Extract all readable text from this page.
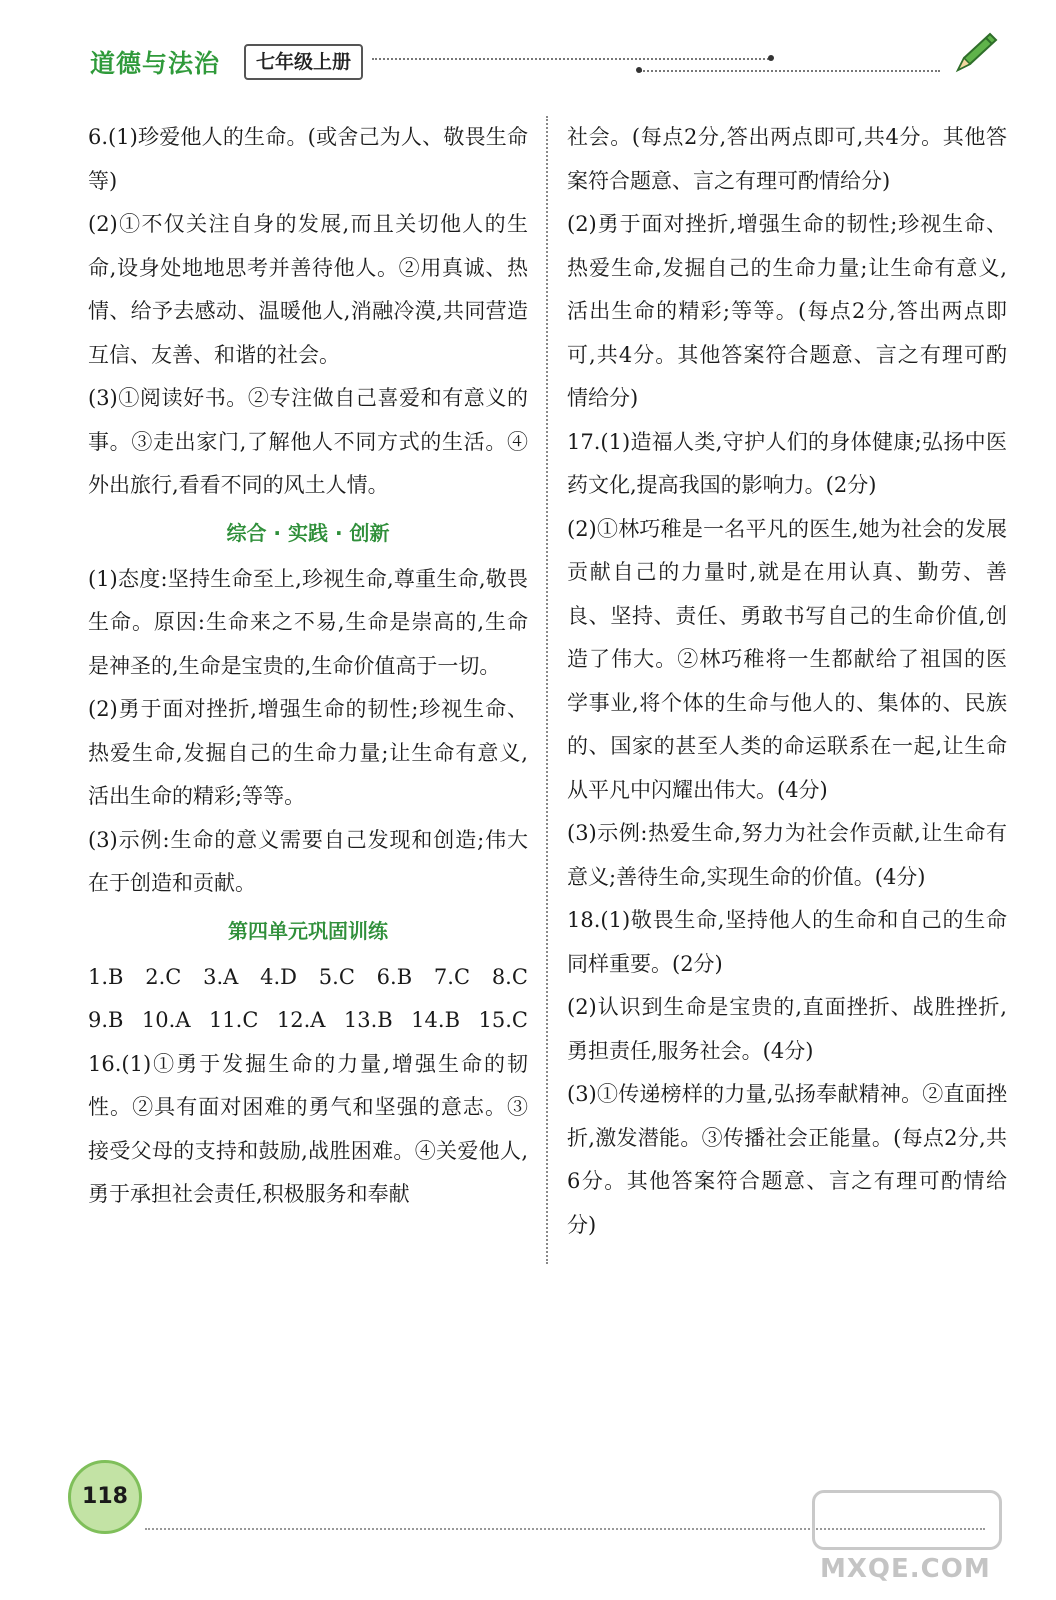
道德与法治	七年级上册

6.(1)珍爱他人的生命。(或舍己为人、敬畏生命等)

(2)①不仅关注自身的发展,而且关切他人的生命,设身处地地思考并善待他人。②用真诚、热情、给予去感动、温暖他人,消融冷漠,共同营造互信、友善、和谐的社会。

(3)①阅读好书。②专注做自己喜爱和有意义的事。③走出家门,了解他人不同方式的生活。④外出旅行,看看不同的风土人情。

综合 · 实践 · 创新

(1)态度:坚持生命至上,珍视生命,尊重生命,敬畏生命。原因:生命来之不易,生命是崇高的,生命是神圣的,生命是宝贵的,生命价值高于一切。

(2)勇于面对挫折,增强生命的韧性;珍视生命、热爱生命,发掘自己的生命力量;让生命有意义,活出生命的精彩;等等。

(3)示例:生命的意义需要自己发现和创造;伟大在于创造和贡献。

第四单元巩固训练

1.B 2.C 3.A 4.D 5.C 6.B 7.C 8.C
9.B 10.A 11.C 12.A 13.B 14.B 15.C

16.(1)①勇于发掘生命的力量,增强生命的韧性。②具有面对困难的勇气和坚强的意志。③接受父母的支持和鼓励,战胜困难。④关爱他人,勇于承担社会责任,积极服务和奉献

社会。(每点2分,答出两点即可,共4分。其他答案符合题意、言之有理可酌情给分)

(2)勇于面对挫折,增强生命的韧性;珍视生命、热爱生命,发掘自己的生命力量;让生命有意义,活出生命的精彩;等等。(每点2分,答出两点即可,共4分。其他答案符合题意、言之有理可酌情给分)

17.(1)造福人类,守护人们的身体健康;弘扬中医药文化,提高我国的影响力。(2分)

(2)①林巧稚是一名平凡的医生,她为社会的发展贡献自己的力量时,就是在用认真、勤劳、善良、坚持、责任、勇敢书写自己的生命价值,创造了伟大。②林巧稚将一生都献给了祖国的医学事业,将个体的生命与他人的、集体的、民族的、国家的甚至人类的命运联系在一起,让生命从平凡中闪耀出伟大。(4分)

(3)示例:热爱生命,努力为社会作贡献,让生命有意义;善待生命,实现生命的价值。(4分)

18.(1)敬畏生命,坚持他人的生命和自己的生命同样重要。(2分)

(2)认识到生命是宝贵的,直面挫折、战胜挫折,勇担责任,服务社会。(4分)

(3)①传递榜样的力量,弘扬奉献精神。②直面挫折,激发潜能。③传播社会正能量。(每点2分,共6分。其他答案符合题意、言之有理可酌情给分)

118
MXQE.COM
